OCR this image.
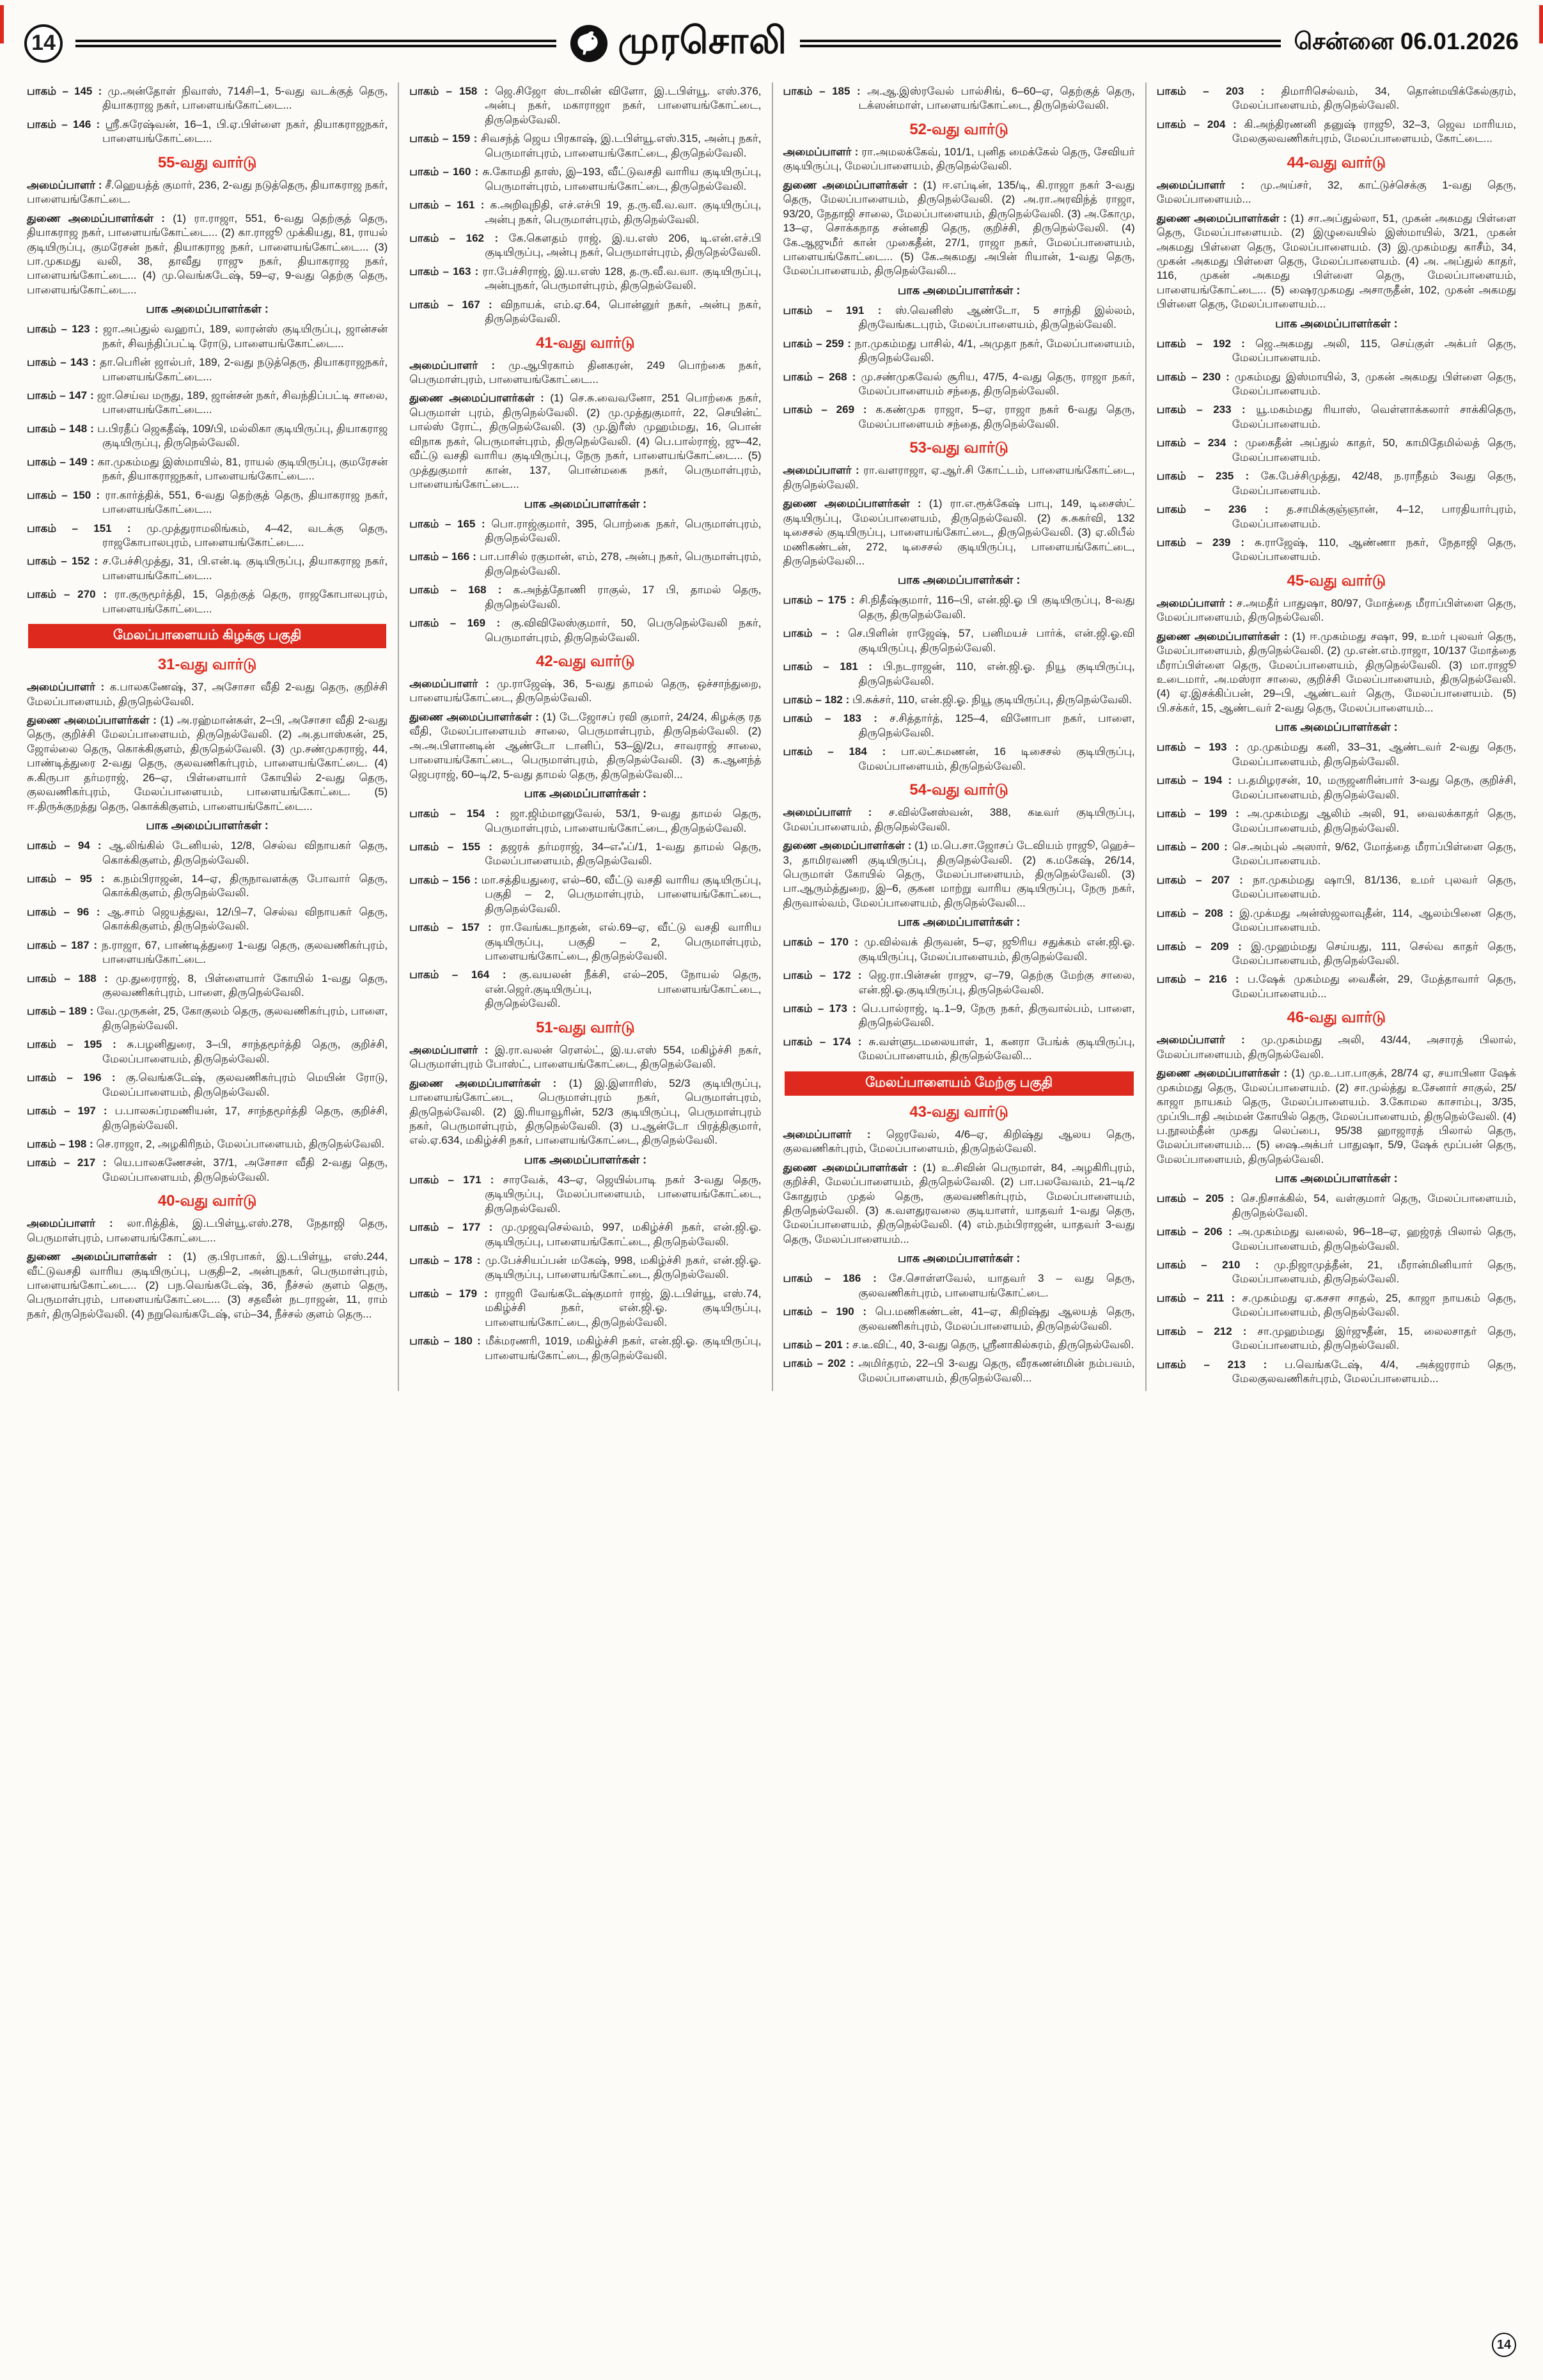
14	முரசொலி	சென்னை 06.01.2026

பாகம் – 145 : மு.அன்தோள் நிவாஸ், 714சி–1, 5-வது வடக்குத் தெரு, தியாகராஜ நகர், பாளையங்கோட்டை...

பாகம் – 146 : ஸ்ரீ.சுரேஷ்வன், 16–1, பி.ஏ.பிள்ளை நகர், தியாகராஜநகர், பாளையங்கோட்டை...

55-வது வார்டு

அமைப்பாளர் : சீ.ஹெயத்த் குமார், 236, 2-வது நடுத்தெரு, தியாகராஜ நகர், பாளையங்கோட்டை.

துணை அமைப்பாளர்கள் : (1) ரா.ராஜா, 551, 6-வது தெற்குத் தெரு, தியாகராஜ நகர், பாளையங்கோட்டை... (2) கா.ராஜூ முக்கியது, 81, ராயல் குடியிருப்பு, குமரேசன் நகர், தியாகராஜ நகர், பாளையங்கோட்டை... (3) பா.முகமது வலி, 38, தாவீது ராஜு நகர், தியாகராஜ நகர், பாளையங்கோட்டை... (4) மு.வெங்கடேஷ், 59–ஏ, 9-வது தெற்கு தெரு, பாளையங்கோட்டை...

பாக அமைப்பாளர்கள் :

பாகம் – 123 : ஜா.அப்துல் வஹாப், 189, லாரன்ஸ் குடியிருப்பு, ஜான்சன் நகர், சிவந்திப்பட்டி ரோடு, பாளையங்கோட்டை...

பாகம் – 143 : தா.பெரின் ஜால்பர், 189, 2-வது நடுத்தெரு, தியாகராஜநகர், பாளையங்கோட்டை...

பாகம் – 147 : ஜா.செய்வ மருது, 189, ஜான்சன் நகர், சிவந்திப்பட்டி சாலை, பாளையங்கோட்டை...

பாகம் – 148 : ப.பிரதீப் ஜெகதீஷ், 109/பி, மல்லிகா குடியிருப்பு, தியாகராஜ குடியிருப்பு, திருநெல்வேலி.

பாகம் – 149 : கா.முகம்மது இஸ்மாயில், 81, ராயல் குடியிருப்பு, குமரேசன் நகர், தியாகராஜநகர், பாளையங்கோட்டை...

பாகம் – 150 : ரா.கார்த்திக், 551, 6-வது தெற்குத் தெரு, தியாகராஜ நகர், பாளையங்கோட்டை...

பாகம் – 151 : மு.முத்துராமலிங்கம், 4–42, வடக்கு தெரு, ராஜகோபாலபுரம், பாளையங்கோட்டை...

பாகம் – 152 : ச.பேச்சிமுத்து, 31, பி.என்.டி குடியிருப்பு, தியாகராஜ நகர், பாளையங்கோட்டை...

பாகம் – 270 : ரா.குருமூர்த்தி, 15, தெற்குத் தெரு, ராஜகோபாலபுரம், பாளையங்கோட்டை...

மேலப்பாளையம் கிழக்கு பகுதி
31-வது வார்டு

அமைப்பாளர் : க.பாலகணேஷ், 37, அசோசா வீதி 2-வது தெரு, குறிச்சி மேலப்பாளையம், திருநெல்வேலி.

துணை அமைப்பாளர்கள் : (1) அ.ரஹ்மான்கள், 2–பி, அசோசா வீதி 2-வது தெரு, குறிச்சி மேலப்பாளையம், திருநெல்வேலி. (2) அ.தபாஸ்கன், 25, ஜோல்லை தெரு, கொக்கிகுளம், திருநெல்வேலி. (3) மு.சண்முகராஜ், 44, பாண்டித்துரை 2-வது தெரு, குலவணிகர்புரம், பாளையங்கோட்டை. (4) சு.கிருபா தர்மராஜ், 26–ஏ, பிள்ளையார் கோயில் 2-வது தெரு, குலவணிகர்புரம், மேலப்பாளையம், பாளையங்கோட்டை. (5) ஈ.திருக்குறத்து தெரு, கொக்கிகுளம், பாளையங்கோட்டை...

பாக அமைப்பாளர்கள் :

பாகம் – 94 : ஆ.லிங்கில் டேனியல், 12/8, செல்வ விநாயகர் தெரு, கொக்கிகுளம், திருநெல்வேலி.

பாகம் – 95 : க.நம்பிராஜன், 14–ஏ, திருநாவளக்கு போவார் தெரு, கொக்கிகுளம், திருநெல்வேலி.

பாகம் – 96 : ஆ.சாம் ஜெயத்துவ, 12/பி–7, செல்வ விநாயகர் தெரு, கொக்கிகுளம், திருநெல்வேலி.

பாகம் – 187 : ந.ராஜா, 67, பாண்டித்துரை 1-வது தெரு, குலவணிகர்புரம், பாளையங்கோட்டை.

பாகம் – 188 : மு.துரைராஜ், 8, பிள்ளையார் கோயில் 1-வது தெரு, குலவணிகர்புரம், பாளை, திருநெல்வேலி.

பாகம் – 189 : வே.முருகன், 25, கோகுலம் தெரு, குலவணிகர்புரம், பாளை, திருநெல்வேலி.

பாகம் – 195 : சு.பழனிதுரை, 3–பி, சாந்தமூர்த்தி தெரு, குறிச்சி, மேலப்பாளையம், திருநெல்வேலி.

பாகம் – 196 : கு.வெங்கடேஷ், குலவணிகர்புரம் மெயின் ரோடு, மேலப்பாளையம், திருநெல்வேலி.

பாகம் – 197 : ப.பாலசுப்ரமணியன், 17, சாந்தமூர்த்தி தெரு, குறிச்சி, திருநெல்வேலி.

பாகம் – 198 : செ.ராஜா, 2, அழகிரிநம், மேலப்பாளையம், திருநெல்வேலி.

பாகம் – 217 : யெ.பாலகணேசன், 37/1, அசோசா வீதி 2-வது தெரு, மேலப்பாளையம், திருநெல்வேலி.

40-வது வார்டு

அமைப்பாளர் : லா.ரித்திக், இ.டபிள்யூ.எஸ்.278, நேதாஜி தெரு, பெருமாள்புரம், பாளையங்கோட்டை...

துணை அமைப்பாளர்கள் : (1) கு.பிரபாகர், இ.டபிள்யூ, எஸ்.244, வீட்டுவசதி வாரிய குடியிருப்பு, பகுதி–2, அன்புநகர், பெருமாள்புரம், பாளையங்கோட்டை... (2) பந.வெங்கடேஷ், 36, நீச்சல் குளம் தெரு, பெருமாள்புரம், பாளையங்கோட்டை... (3) சதவீன் நடராஜன், 11, ராம் நகர், திருநெல்வேலி. (4) நறுவெங்கடேஷ், எம்–34, நீச்சல் குளம் தெரு...

பாகம் – 158 : ஜெ.சிஜோ ஸ்டாலின் விளோ, இ.டபிள்யூ. எஸ்.376, அன்பு நகர், மகாராஜா நகர், பாளையங்கோட்டை, திருநெல்வேலி.

பாகம் – 159 : சிவசந்த் ஜெய பிரகாஷ், இ.டபிள்யூ.எஸ்.315, அன்பு நகர், பெருமாள்புரம், பாளையங்கோட்டை, திருநெல்வேலி.

பாகம் – 160 : சு.கோமதி தாஸ், இ–193, வீட்டுவசதி வாரிய குடியிருப்பு, பெருமாள்புரம், பாளையங்கோட்டை, திருநெல்வேலி.

பாகம் – 161 : க.அறிவுநிதி, எச்.எச்பி 19, த.ரு.வீ.வ.வா. குடியிருப்பு, அன்பு நகர், பெருமாள்புரம், திருநெல்வேலி.

பாகம் – 162 : கே.கௌதம் ராஜ், இ.ய.எஸ் 206, டி.என்.எச்.பி குடியிருப்பு, அன்பு நகர், பெருமாள்புரம், திருநெல்வேலி.

பாகம் – 163 : ரா.பேச்சிராஜ், இ.ய.எஸ் 128, த.ரு.வீ.வ.வா. குடியிருப்பு, அன்புநகர், பெருமாள்புரம், திருநெல்வேலி.

பாகம் – 167 : விநாயக், எம்.ஏ.64, பொன்னுர் நகர், அன்பு நகர், திருநெல்வேலி.

41-வது வார்டு

அமைப்பாளர் : மு.ஆபிரகாம் தினகரன், 249 பொற்கை நகர், பெருமாள்புரம், பாளையங்கோட்டை...

துணை அமைப்பாளர்கள் : (1) செ.சு.வைவனோ, 251 பொற்கை நகர், பெருமாள் புரம், திருநெல்வேலி. (2) மு.முத்துகுமார், 22, செயின்ட் பால்ஸ் ரோட், திருநெல்வேலி. (3) மு.இரீஸ் முஹம்மது, 16, பொன் விநாக நகர், பெருமாள்புரம், திருநெல்வேலி. (4) பெ.பால்ராஜ், ஜு–42, வீட்டு வசதி வாரிய குடியிருப்பு, நேரு நகர், பாளையங்கோட்டை... (5) முத்துகுமார் கான், 137, பொன்மகை நகர், பெருமாள்புரம், பாளையங்கோட்டை...

பாக அமைப்பாளர்கள் :

பாகம் – 165 : பொ.ராஜ்குமார், 395, பொற்கை நகர், பெருமாள்புரம், திருநெல்வேலி.

பாகம் – 166 : பா.பாசில் ரகுமான், எம், 278, அன்பு நகர், பெருமாள்புரம், திருநெல்வேலி.

பாகம் – 168 : க.அந்த்தோணி ராகுல், 17 பி, தாமல் தெரு, திருநெல்வேலி.

பாகம் – 169 : கு.விவிலேஸ்குமார், 50, பெருநெல்வேலி நகர், பெருமாள்புரம், திருநெல்வேலி.

42-வது வார்டு

அமைப்பாளர் : மு.ராஜேஷ், 36, 5-வது தாமல் தெரு, ஒச்சாந்துறை, பாளையங்கோட்டை, திருநெல்வேலி.

துணை அமைப்பாளர்கள் : (1) டே.ஜோசப் ரவி குமார், 24/24, கிழக்கு ரத வீதி, மேலப்பாளையம் சாலை, பெருமாள்புரம், திருநெல்வேலி. (2) அ.அ.பிளானடின் ஆண்டோ டானிப், 53–இ/2ப, சாவராஜ் சாலை, பாளையங்கோட்டை, பெருமாள்புரம், திருநெல்வேலி. (3) க.ஆனந்த் ஜெபராஜ், 60–டி/2, 5-வது தாமல் தெரு, திருநெல்வேலி...

பாக அமைப்பாளர்கள் :

பாகம் – 154 : ஜா.ஜிம்மானுவேல், 53/1, 9-வது தாமல் தெரு, பெருமாள்புரம், பாளையங்கோட்டை, திருநெல்வேலி.

பாகம் – 155 : தஜரக் தர்மராஜ், 34–எஃப்/1, 1-வது தாமல் தெரு, மேலப்பாளையம், திருநெல்வேலி.

பாகம் – 156 : மா.சத்தியதுரை, எல்–60, வீட்டு வசதி வாரிய குடியிருப்பு, பகுதி – 2, பெருமாள்புரம், பாளையங்கோட்டை, திருநெல்வேலி.

பாகம் – 157 : ரா.வேங்கடநாதன், எல்.69–ஏ, வீட்டு வசதி வாரிய குடியிருப்பு, பகுதி – 2, பெருமாள்புரம், பாளையங்கோட்டை, திருநெல்வேலி.

பாகம் – 164 : கு.வயலன் நீக்சி, எல்–205, நோயல் தெரு, என்.ஜெர்.குடியிருப்பு, பாளையங்கோட்டை, திருநெல்வேலி.

51-வது வார்டு

அமைப்பாளர் : இ.ரா.வலன் ரௌல்ட், இ.ய.எஸ் 554, மகிழ்ச்சி நகர், பெருமாள்புரம் போஸ்ட், பாளையங்கோட்டை, திருநெல்வேலி.

துணை அமைப்பாளர்கள் : (1) இ.இளாரிஸ், 52/3 குடியிருப்பு, பாளையங்கோட்டை, பெருமாள்புரம் நகர், பெருமாள்புரம், திருநெல்வேலி. (2) இ.ரியாவூரின், 52/3 குடியிருப்பு, பெருமாள்புரம் நகர், பெருமாள்புரம், திருநெல்வேலி. (3) ப.ஆன்டோ பிரத்திகுமார், எல்.ஏ.634, மகிழ்ச்சி நகர், பாளையங்கோட்டை, திருநெல்வேலி.

பாக அமைப்பாளர்கள் :

பாகம் – 171 : சாரவேக், 43–ஏ, ஜெயில்பாடி நகர் 3-வது தெரு, குடியிருப்பு, மேலப்பாளையம், பாளையங்கோட்டை, திருநெல்வேலி.

பாகம் – 177 : மு.முஜவுசெல்வம், 997, மகிழ்ச்சி நகர், என்.ஜி.ஓ. குடியிருப்பு, பாளையங்கோட்டை, திருநெல்வேலி.

பாகம் – 178 : மு.பேச்சியப்பன் மகேஷ், 998, மகிழ்ச்சி நகர், என்.ஜி.ஓ. குடியிருப்பு, பாளையங்கோட்டை, திருநெல்வேலி.

பாகம் – 179 : ராஜரி வேங்கடேஷ்குமார் ராஜ், இ.டபிள்யூ, எஸ்.74, மகிழ்ச்சி நகர், என்.ஜி.ஓ. குடியிருப்பு, பாளையங்கோட்டை, திருநெல்வேலி.

பாகம் – 180 : மீக்மரணரி, 1019, மகிழ்ச்சி நகர், என்.ஜி.ஓ. குடியிருப்பு, பாளையங்கோட்டை, திருநெல்வேலி.

பாகம் – 185 : அ.ஆ.இஸ்ரவேல் பால்சிங், 6–60–ஏ, தெற்குத் தெரு, டக்ஸன்மாள், பாளையங்கோட்டை, திருநெல்வேலி.

52-வது வார்டு

அமைப்பாளர் : ரா.அமலக்கேவ், 101/1, புனித மைக்கேல் தெரு, சேவியர் குடியிருப்பு, மேலப்பாளையம், திருநெல்வேலி.

துணை அமைப்பாளர்கள் : (1) ஈ.எப்டின், 135/டி, கி.ராஜா நகர் 3-வது தெரு, மேலப்பாளையம், திருநெல்வேலி. (2) அ.ரா.அரவிந்த் ராஜா, 93/20, நேதாஜி சாலை, மேலப்பாளையம், திருநெல்வேலி. (3) அ.கோமு, 13–ஏ, சொக்கநாத சன்னதி தெரு, குறிச்சி, திருநெல்வேலி. (4) கே.ஆஜுமீர் கான் முகைதீன், 27/1, ராஜா நகர், மேலப்பாளையம், பாளையங்கோட்டை... (5) கே.அகமது அபின் ரியான், 1-வது தெரு, மேலப்பாளையம், திருநெல்வேலி...

பாக அமைப்பாளர்கள் :

பாகம் – 191 : ஸ்.வெனிஸ் ஆண்டோ, 5 சாந்தி இல்லம், திருவேங்கடபுரம், மேலப்பாளையம், திருநெல்வேலி.

பாகம் – 259 : நா.முகம்மது பாசில், 4/1, அமுதா நகர், மேலப்பாளையம், திருநெல்வேலி.

பாகம் – 268 : மு.சண்முகவேல் சூரிய, 47/5, 4-வது தெரு, ராஜா நகர், மேலப்பாளையம் சந்தை, திருநெல்வேலி.

பாகம் – 269 : க.கண்முக ராஜா, 5–ஏ, ராஜா நகர் 6-வது தெரு, மேலப்பாளையம் சந்தை, திருநெல்வேலி.

53-வது வார்டு

அமைப்பாளர் : ரா.வளராஜா, ஏ.ஆர்.சி கோட்டம், பாளையங்கோட்டை, திருநெல்வேலி.

துணை அமைப்பாளர்கள் : (1) ரா.எ.ரூக்கேஷ் பாபு, 149, டிசைஸ்ட் குடியிருப்பு, மேலப்பாளையம், திருநெல்வேலி. (2) சு.சுகர்வி, 132 டிசைசல் குடியிருப்பு, பாளையங்கோட்டை, திருநெல்வேலி. (3) ஏ.லிபீல் மணிகண்டன், 272, டிசைசல் குடியிருப்பு, பாளையங்கோட்டை, திருநெல்வேலி...

பாக அமைப்பாளர்கள் :

பாகம் – 175 : சி.நிதீஷ்குமார், 116–பி, என்.ஜி.ஓ பி குடியிருப்பு, 8-வது தெரு, திருநெல்வேலி.

பாகம் – : செ.பிளின் ராஜேஷ், 57, பனிமயச் பார்க், என்.ஜி.ஓ.வி குடியிருப்பு, திருநெல்வேலி.

பாகம் – 181 : பி.நடராஜன், 110, என்.ஜி.ஓ. நியூ குடியிருப்பு, திருநெல்வேலி.

பாகம் – 182 : பி.சுக்சர், 110, என்.ஜி.ஓ. நியூ குடியிருப்பு, திருநெல்வேலி.

பாகம் – 183 : ச.சித்தார்த், 125–4, வினோபா நகர், பாளை, திருநெல்வேலி.

பாகம் – 184 : பா.லட்சுமணன், 16 டிசைசல் குடியிருப்பு, மேலப்பாளையம், திருநெல்வேலி.

54-வது வார்டு

அமைப்பாளர் : ச.வில்னேஸ்வன், 388, கடீவர் குடியிருப்பு, மேலப்பாளையம், திருநெல்வேலி.

துணை அமைப்பாளர்கள் : (1) ம.பெ.சா.ஜோசப் டேவியம் ராஜூ, ஹெச்–3, தாமிரவணி குடியிருப்பு, திருநெல்வேலி. (2) க.மகேஷ், 26/14, பெருமாள் கோயில் தெரு, மேலப்பாளையம், திருநெல்வேலி. (3) பா.ஆரும்த்துறை, இ–6, குகன மாற்று வாரிய குடியிருப்பு, நேரு நகர், திருவால்வம், மேலப்பாளையம், திருநெல்வேலி...

பாக அமைப்பாளர்கள் :

பாகம் – 170 : மு.வில்வக் திருவன், 5–ஏ, ஜூரிய சதுக்கம் என்.ஜி.ஓ. குடியிருப்பு, மேலப்பாளையம், திருநெல்வேலி.

பாகம் – 172 : ஜெ.ரா.பின்சன் ராஜு, ஏ–79, தெற்கு மேற்கு சாலை, என்.ஜி.ஓ.குடியிருப்பு, திருநெல்வேலி.

பாகம் – 173 : பெ.பால்ராஜ், டி.1–9, நேரு நகர், திருவால்பம், பாளை, திருநெல்வேலி.

பாகம் – 174 : சு.வள்ளுடமலையாள், 1, கனரா பேங்க் குடியிருப்பு, மேலப்பாளையம், திருநெல்வேலி...

மேலப்பாளையம் மேற்கு பகுதி
43-வது வார்டு

அமைப்பாளர் : ஜெரவேல், 4/6–ஏ, கிறிஷ்து ஆலய தெரு, குலவணிகர்புரம், மேலப்பாளையம், திருநெல்வேலி.

துணை அமைப்பாளர்கள் : (1) உ.சிவின் பெருமாள், 84, அழகிரிபுரம், குறிச்சி, மேலப்பாளையம், திருநெல்வேலி. (2) பா.பலவேவம், 21–டி/2 கோதுரம் முதல் தெரு, குலவணிகர்புரம், மேலப்பாளையம், திருநெல்வேலி. (3) க.வளதுரவலை குடியாளர், யாதவர் 1-வது தெரு, மேலப்பாளையம், திருநெல்வேலி. (4) எம்.நம்பிராஜன், யாதவர் 3-வது தெரு, மேலப்பாளையம்...

பாக அமைப்பாளர்கள் :

பாகம் – 186 : சே.சொள்ளவேல், யாதவர் 3 – வது தெரு, குலவணிகர்புரம், பாளையங்கோட்டை.

பாகம் – 190 : பெ.மணிகண்டன், 41–ஏ, கிறிஷ்து ஆலயத் தெரு, குலவணிகர்புரம், மேலப்பாளையம், திருநெல்வேலி.

பாகம் – 201 : ச.டீ.விட், 40, 3-வது தெரு, ஸ்ரீனாகில்சுரம், திருநெல்வேலி.

பாகம் – 202 : அமிர்தரம், 22–பி 3-வது தெரு, வீரகணன்மின் நம்பவம், மேலப்பாளையம், திருநெல்வேலி...

பாகம் – 203 : திமாரிசெல்வம், 34, தொன்மயிக்கேல்குரம், மேலப்பாளையம், திருநெல்வேலி.

பாகம் – 204 : கி.அந்திரணனி தனுஷ் ராஜூ, 32–3, ஜெவ மாரியம, மேலகுலவணிகர்புரம், மேலப்பாளையம், கோட்டை...

44-வது வார்டு

அமைப்பாளர் : மு.அய்சர், 32, காட்டுச்செக்கு 1-வது தெரு, மேலப்பாளையம்...

துணை அமைப்பாளர்கள் : (1) சா.அப்துல்லா, 51, முகன் அகமது பிள்ளை தெரு, மேலப்பாளையம். (2) இழுவையில் இஸ்மாயில், 3/21, முகன் அகமது பிள்ளை தெரு, மேலப்பாளையம். (3) இ.முகம்மது காசீம், 34, முகன் அகமது பிள்ளை தெரு, மேலப்பாளையம். (4) அ. அப்துல் காதர், 116, முகன் அகமது பிள்ளை தெரு, மேலப்பாளையம், பாளையங்கோட்டை... (5) ஷைரமுகமது அசாருதீன், 102, முகன் அகமது பிள்ளை தெரு, மேலப்பாளையம்...

பாக அமைப்பாளர்கள் :

பாகம் – 192 : ஜெ.அகமது அலி, 115, செய்குள் அக்பர் தெரு, மேலப்பாளையம்.

பாகம் – 230 : முகம்மது இஸ்மாயில், 3, முகன் அகமது பிள்ளை தெரு, மேலப்பாளையம்.

பாகம் – 233 : யூ.மகம்மது ரியாஸ், வெள்ளாக்கலார் சாக்கிதெரு, மேலப்பாளையம்.

பாகம் – 234 : முகைதீன் அப்துல் காதர், 50, காமிதேமில்லத் தெரு, மேலப்பாளையம்.

பாகம் – 235 : கே.பேச்சிமுத்து, 42/48, ந.ராநீதம் 3வது தெரு, மேலப்பாளையம்.

பாகம் – 236 : த.சாமிக்குஞ்ஞான், 4–12, பாரதியார்புரம், மேலப்பாளையம்.

பாகம் – 239 : சு.ராஜேஷ், 110, ஆண்ணா நகர், நேதாஜி தெரு, மேலப்பாளையம்.

45-வது வார்டு

அமைப்பாளர் : ச.அமதீர் பாதுஷா, 80/97, மோத்தை மீராப்பிள்ளை தெரு, மேலப்பாளையம், திருநெல்வேலி.

துணை அமைப்பாளர்கள் : (1) ஈ.முகம்மது சஷா, 99, உமர் புலவர் தெரு, மேலப்பாளையம், திருநெல்வேலி. (2) மு.என்.எம்.ராஜா, 10/137 மோத்தை மீராப்பிள்ளை தெரு, மேலப்பாளையம், திருநெல்வேலி. (3) மா.ராஜூ உடைமார், அ.மஸ்ரா சாலை, குறிச்சி மேலப்பாளையம், திருநெல்வேலி. (4) ஏ.இசக்கிப்பன், 29–பி, ஆண்டவர் தெரு, மேலப்பாளையம். (5) பி.சக்கர், 15, ஆண்டவர் 2-வது தெரு, மேலப்பாளையம்...

பாக அமைப்பாளர்கள் :

பாகம் – 193 : மு.முகம்மது கனி, 33–31, ஆண்டவர் 2-வது தெரு, மேலப்பாளையம், திருநெல்வேலி.

பாகம் – 194 : ப.தமிழரசன், 10, மருஜனரின்பார் 3-வது தெரு, குறிச்சி, மேலப்பாளையம், திருநெல்வேலி.

பாகம் – 199 : அ.முகம்மது ஆலிம் அலி, 91, வைலக்காதர் தெரு, மேலப்பாளையம், திருநெல்வேலி.

பாகம் – 200 : செ.அம்புல் அஸார், 9/62, மோத்தை மீராப்பிள்ளை தெரு, மேலப்பாளையம்.

பாகம் – 207 : நா.முகம்மது ஷாபி, 81/136, உமர் புலவர் தெரு, மேலப்பாளையம்.

பாகம் – 208 : இ.முக்மது அன்ஸ்ஜலாவுதீன், 114, ஆலம்பினை தெரு, மேலப்பாளையம்.

பாகம் – 209 : இ.முஹம்மது செய்யது, 111, செல்வ காதர் தெரு, மேலப்பாளையம், திருநெல்வேலி.

பாகம் – 216 : ப.ஷேக் முகம்மது வைகீன், 29, மேத்தாவார் தெரு, மேலப்பாளையம்...

46-வது வார்டு

அமைப்பாளர் : மு.முகம்மது அலி, 43/44, அசாரத் பிலால், மேலப்பாளையம், திருநெல்வேலி.

துணை அமைப்பாளர்கள் : (1) மு.உ.பா.பாகுக், 28/74 ஏ, சயாபினா ஷேக் முகம்மது தெரு, மேலப்பாளையம். (2) சா.முல்த்து உசேனார் சாகுல், 25/காஜா நாயகம் தெரு, மேலப்பாளையம். 3.கோமல காசாம்பு, 3/35, முப்பிடாதி அம்மன் கோயில் தெரு, மேலப்பாளையம், திருநெல்வேலி. (4) ப.நூலம்தீன் முகது லெப்பை, 95/38 ஹாஜாரத் பிலால் தெரு, மேலப்பாளையம்... (5) ஷை.அக்பர் பாதுஷா, 5/9, ஷேக் மூப்பன் தெரு, மேலப்பாளையம், திருநெல்வேலி.

பாக அமைப்பாளர்கள் :

பாகம் – 205 : செ.நிசாக்கில், 54, வள்குமார் தெரு, மேலப்பாளையம், திருநெல்வேலி.

பாகம் – 206 : அ.முகம்மது வலைல், 96–18–ஏ, ஹஜ்ரத் பிலால் தெரு, மேலப்பாளையம், திருநெல்வேலி.

பாகம் – 210 : மு.நிஜாமுத்தீன், 21, மீரான்மினியார் தெரு, மேலப்பாளையம், திருநெல்வேலி.

பாகம் – 211 : ச.முகம்மது ஏ.கசசா சாதல், 25, காஜா நாயகம் தெரு, மேலப்பாளையம், திருநெல்வேலி.

பாகம் – 212 : சா.முஹம்மது இர்ஜுதீன், 15, லைலசாதர் தெரு, மேலப்பாளையம், திருநெல்வேலி.

பாகம் – 213 : ப.வெங்கடேஷ், 4/4, அக்ஜரராம் தெரு, மேலகுலவணிகர்புரம், மேலப்பாளையம்...

14
